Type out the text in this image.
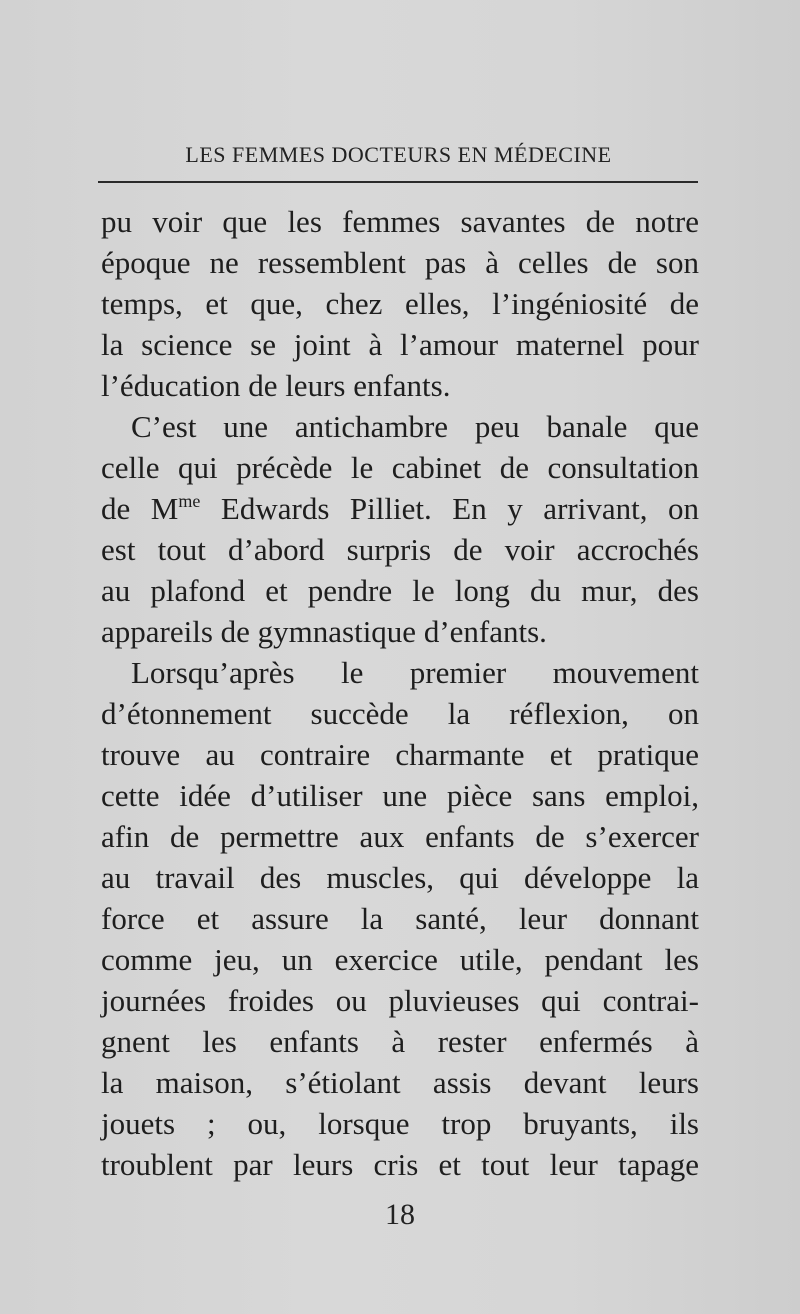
LES FEMMES DOCTEURS EN MÉDECINE
pu voir que les femmes savantes de notre
époque ne ressemblent pas à celles de son
temps, et que, chez elles, l’ingéniosité de
la science se joint à l’amour maternel pour
l’éducation de leurs enfants.
C’est une antichambre peu banale que
celle qui précède le cabinet de consultation
de $M^{me}$ Edwards Pilliet. En y arrivant, on
est tout d’abord surpris de voir accrochés
au plafond et pendre le long du mur, des
appareils de gymnastique d’enfants.
Lorsqu’après le premier mouvement
d’étonnement succède la réflexion, on
trouve au contraire charmante et pratique
cette idée d’utiliser une pièce sans emploi,
afin de permettre aux enfants de s’exercer
au travail des muscles, qui développe la
force et assure la santé, leur donnant
comme jeu, un exercice utile, pendant les
journées froides ou pluvieuses qui contrai-
gnent les enfants à rester enfermés à
la maison, s’étiolant assis devant leurs
jouets ; ou, lorsque trop bruyants, ils
troublent par leurs cris et tout leur tapage
18
